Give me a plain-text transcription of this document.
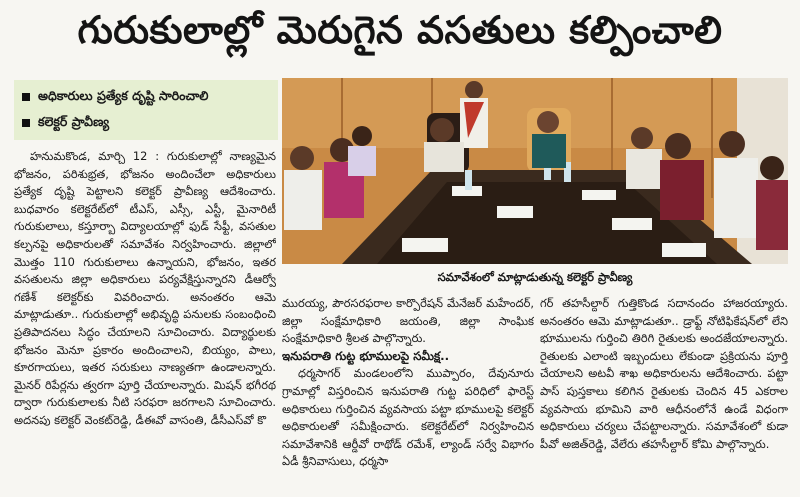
గురుకులాల్లో మెరుగైన వసతులు కల్పించాలి
అధికారులు ప్రత్యేక దృష్టి సారించాలి
కలెక్టర్ ప్రావీణ్య
సమావేశంలో మాట్లాడుతున్న కలెక్టర్ ప్రావీణ్య

హనుమకొండ, మార్చి 12 : గురుకులాల్లో నాణ్యమైన భోజనం, పరిశుభ్రత, భోజనం అందించేలా అధికారులు ప్రత్యేక దృష్టి పెట్టాలని కలెక్టర్ ప్రావీణ్య ఆదేశించారు. బుధవారం కలెక్టరేట్‌లో టీఎస్, ఎస్సీ, ఎస్టీ, మైనారిటీ గురుకులాలు, కస్తూర్బా విద్యాలయాల్లో ఫుడ్ సేఫ్టీ, వసతుల కల్పనపై అధికారులతో సమావేశం నిర్వహించారు. జిల్లాలో మొత్తం 110 గురుకులాలు ఉన్నాయని, భోజనం, ఇతర వసతులను జిల్లా అధికారులు పర్యవేక్షిస్తున్నారని డీఆర్వో గణేశ్ కలెక్టర్‌కు వివరించారు. అనంతరం ఆమె మాట్లాడుతూ.. గురుకులాల్లో అభివృద్ధి పనులకు సంబంధించి ప్రతిపాదనలు సిద్ధం చేయాలని సూచించారు. విద్యార్థులకు భోజనం మెనూ ప్రకారం అందించాలని, బియ్యం, పాలు, కూరగాయలు, ఇతర సరుకులు నాణ్యతగా ఉండాలన్నారు. మైనర్ రిపేర్లను త్వరగా పూర్తి చేయాలన్నారు. మిషన్ భగీరథ ద్వారా గురుకులాలకు నీటి సరఫరా జరగాలని సూచించారు. అదనపు కలెక్టర్ వెంకట్‌రెడ్డి, డీఈవో వాసంతి, డీసీఎస్‌వో కొ

మురయ్య, పౌరసరఫరాల కార్పొరేషన్ మేనేజర్ మహేందర్, జిల్లా సంక్షేమాధికారి జయంతి, జిల్లా సాంఘిక సంక్షేమాధికారి శ్రీలత పాల్గొన్నారు.

ఇనుపరాతి గుట్ట భూములపై సమీక్ష..

ధర్మసాగర్ మండలంలోని ముప్పారం, దేవునూరు గ్రామాల్లో విస్తరించిన ఇనుపరాతి గుట్ట పరిధిలో ఫారెస్ట్ అధికారులు గుర్తించిన వ్యవసాయ పట్టా భూములపై కలెక్టర్ అధికారులతో సమీక్షించారు. కలెక్టరేట్‌లో నిర్వహించిన సమావేశానికి ఆర్డీవో రాథోడ్ రమేశ్, ల్యాండ్ సర్వే విభాగం ఏడీ శ్రీనివాసులు, ధర్మసా

గర్ తహసీల్దార్ గుత్తికొండ సదానందం హాజరయ్యారు. అనంతరం ఆమె మాట్లాడుతూ.. డ్రాఫ్ట్ నోటిఫికేషన్‌లో లేని భూములను గుర్తించి తిరిగి రైతులకు అందజేయాలన్నారు. రైతులకు ఎలాంటి ఇబ్బందులు లేకుండా ప్రక్రియను పూర్తి చేయాలని అటవీ శాఖ అధికారులను ఆదేశించారు. పట్టా పాస్ పుస్తకాలు కలిగిన రైతులకు చెందిన 45 ఎకరాల వ్యవసాయ భూమిని వారి ఆధీనంలోనే ఉండే విధంగా అధికారులు చర్యలు చేపట్టాలన్నారు. సమావేశంలో కుడా పీవో అజిత్‌రెడ్డి, వేలేరు తహసీల్దార్ కోమి పాల్గొన్నారు.
